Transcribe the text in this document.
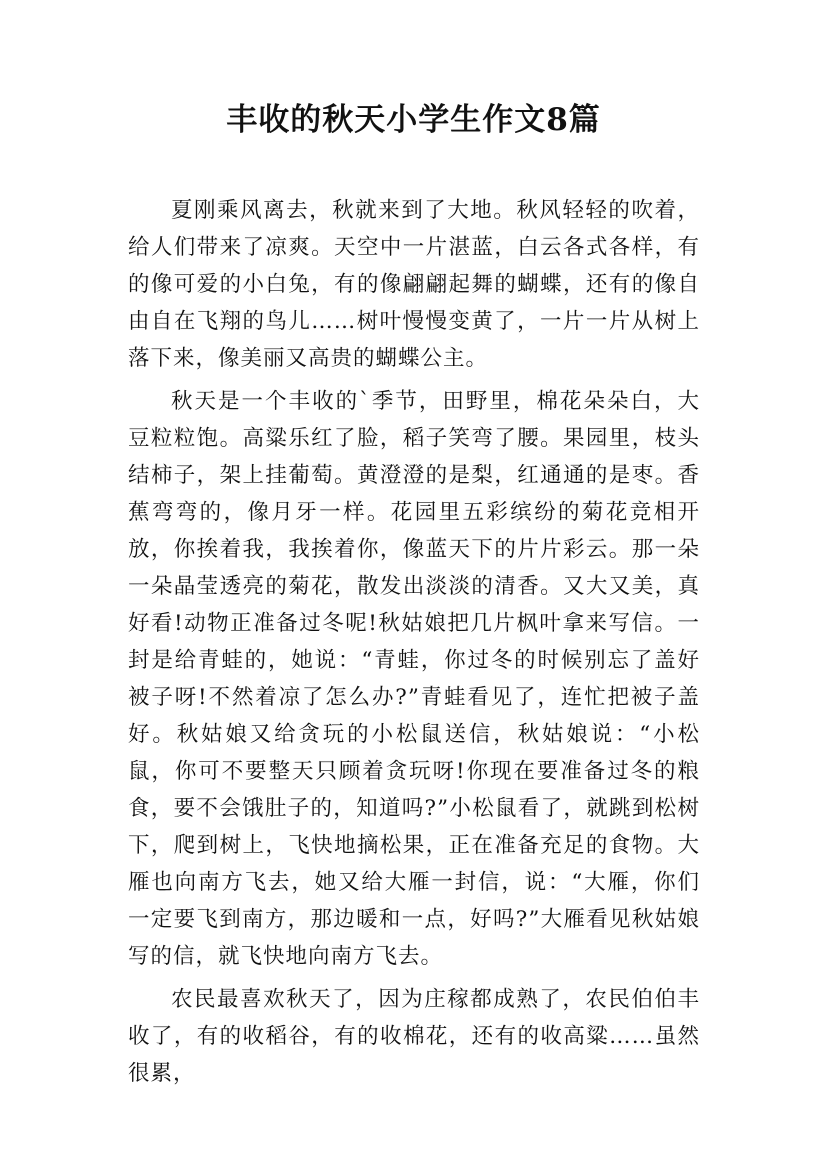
丰收的秋天小学生作文8篇

夏刚乘风离去，秋就来到了大地。秋风轻轻的吹着，给人们带来了凉爽。天空中一片湛蓝，白云各式各样，有的像可爱的小白兔，有的像翩翩起舞的蝴蝶，还有的像自由自在飞翔的鸟儿……树叶慢慢变黄了，一片一片从树上落下来，像美丽又高贵的蝴蝶公主。

秋天是一个丰收的`季节，田野里，棉花朵朵白，大豆粒粒饱。高粱乐红了脸，稻子笑弯了腰。果园里，枝头结柿子，架上挂葡萄。黄澄澄的是梨，红通通的是枣。香蕉弯弯的，像月牙一样。花园里五彩缤纷的菊花竞相开放，你挨着我，我挨着你，像蓝天下的片片彩云。那一朵一朵晶莹透亮的菊花，散发出淡淡的清香。又大又美，真好看!动物正准备过冬呢!秋姑娘把几片枫叶拿来写信。一封是给青蛙的，她说：“青蛙，你过冬的时候别忘了盖好被子呀!不然着凉了怎么办?”青蛙看见了，连忙把被子盖好。秋姑娘又给贪玩的小松鼠送信，秋姑娘说：“小松鼠，你可不要整天只顾着贪玩呀!你现在要准备过冬的粮食，要不会饿肚子的，知道吗?”小松鼠看了，就跳到松树下，爬到树上，飞快地摘松果，正在准备充足的食物。大雁也向南方飞去，她又给大雁一封信，说：“大雁，你们一定要飞到南方，那边暖和一点，好吗?”大雁看见秋姑娘写的信，就飞快地向南方飞去。

农民最喜欢秋天了，因为庄稼都成熟了，农民伯伯丰收了，有的收稻谷，有的收棉花，还有的收高粱……虽然很累，
